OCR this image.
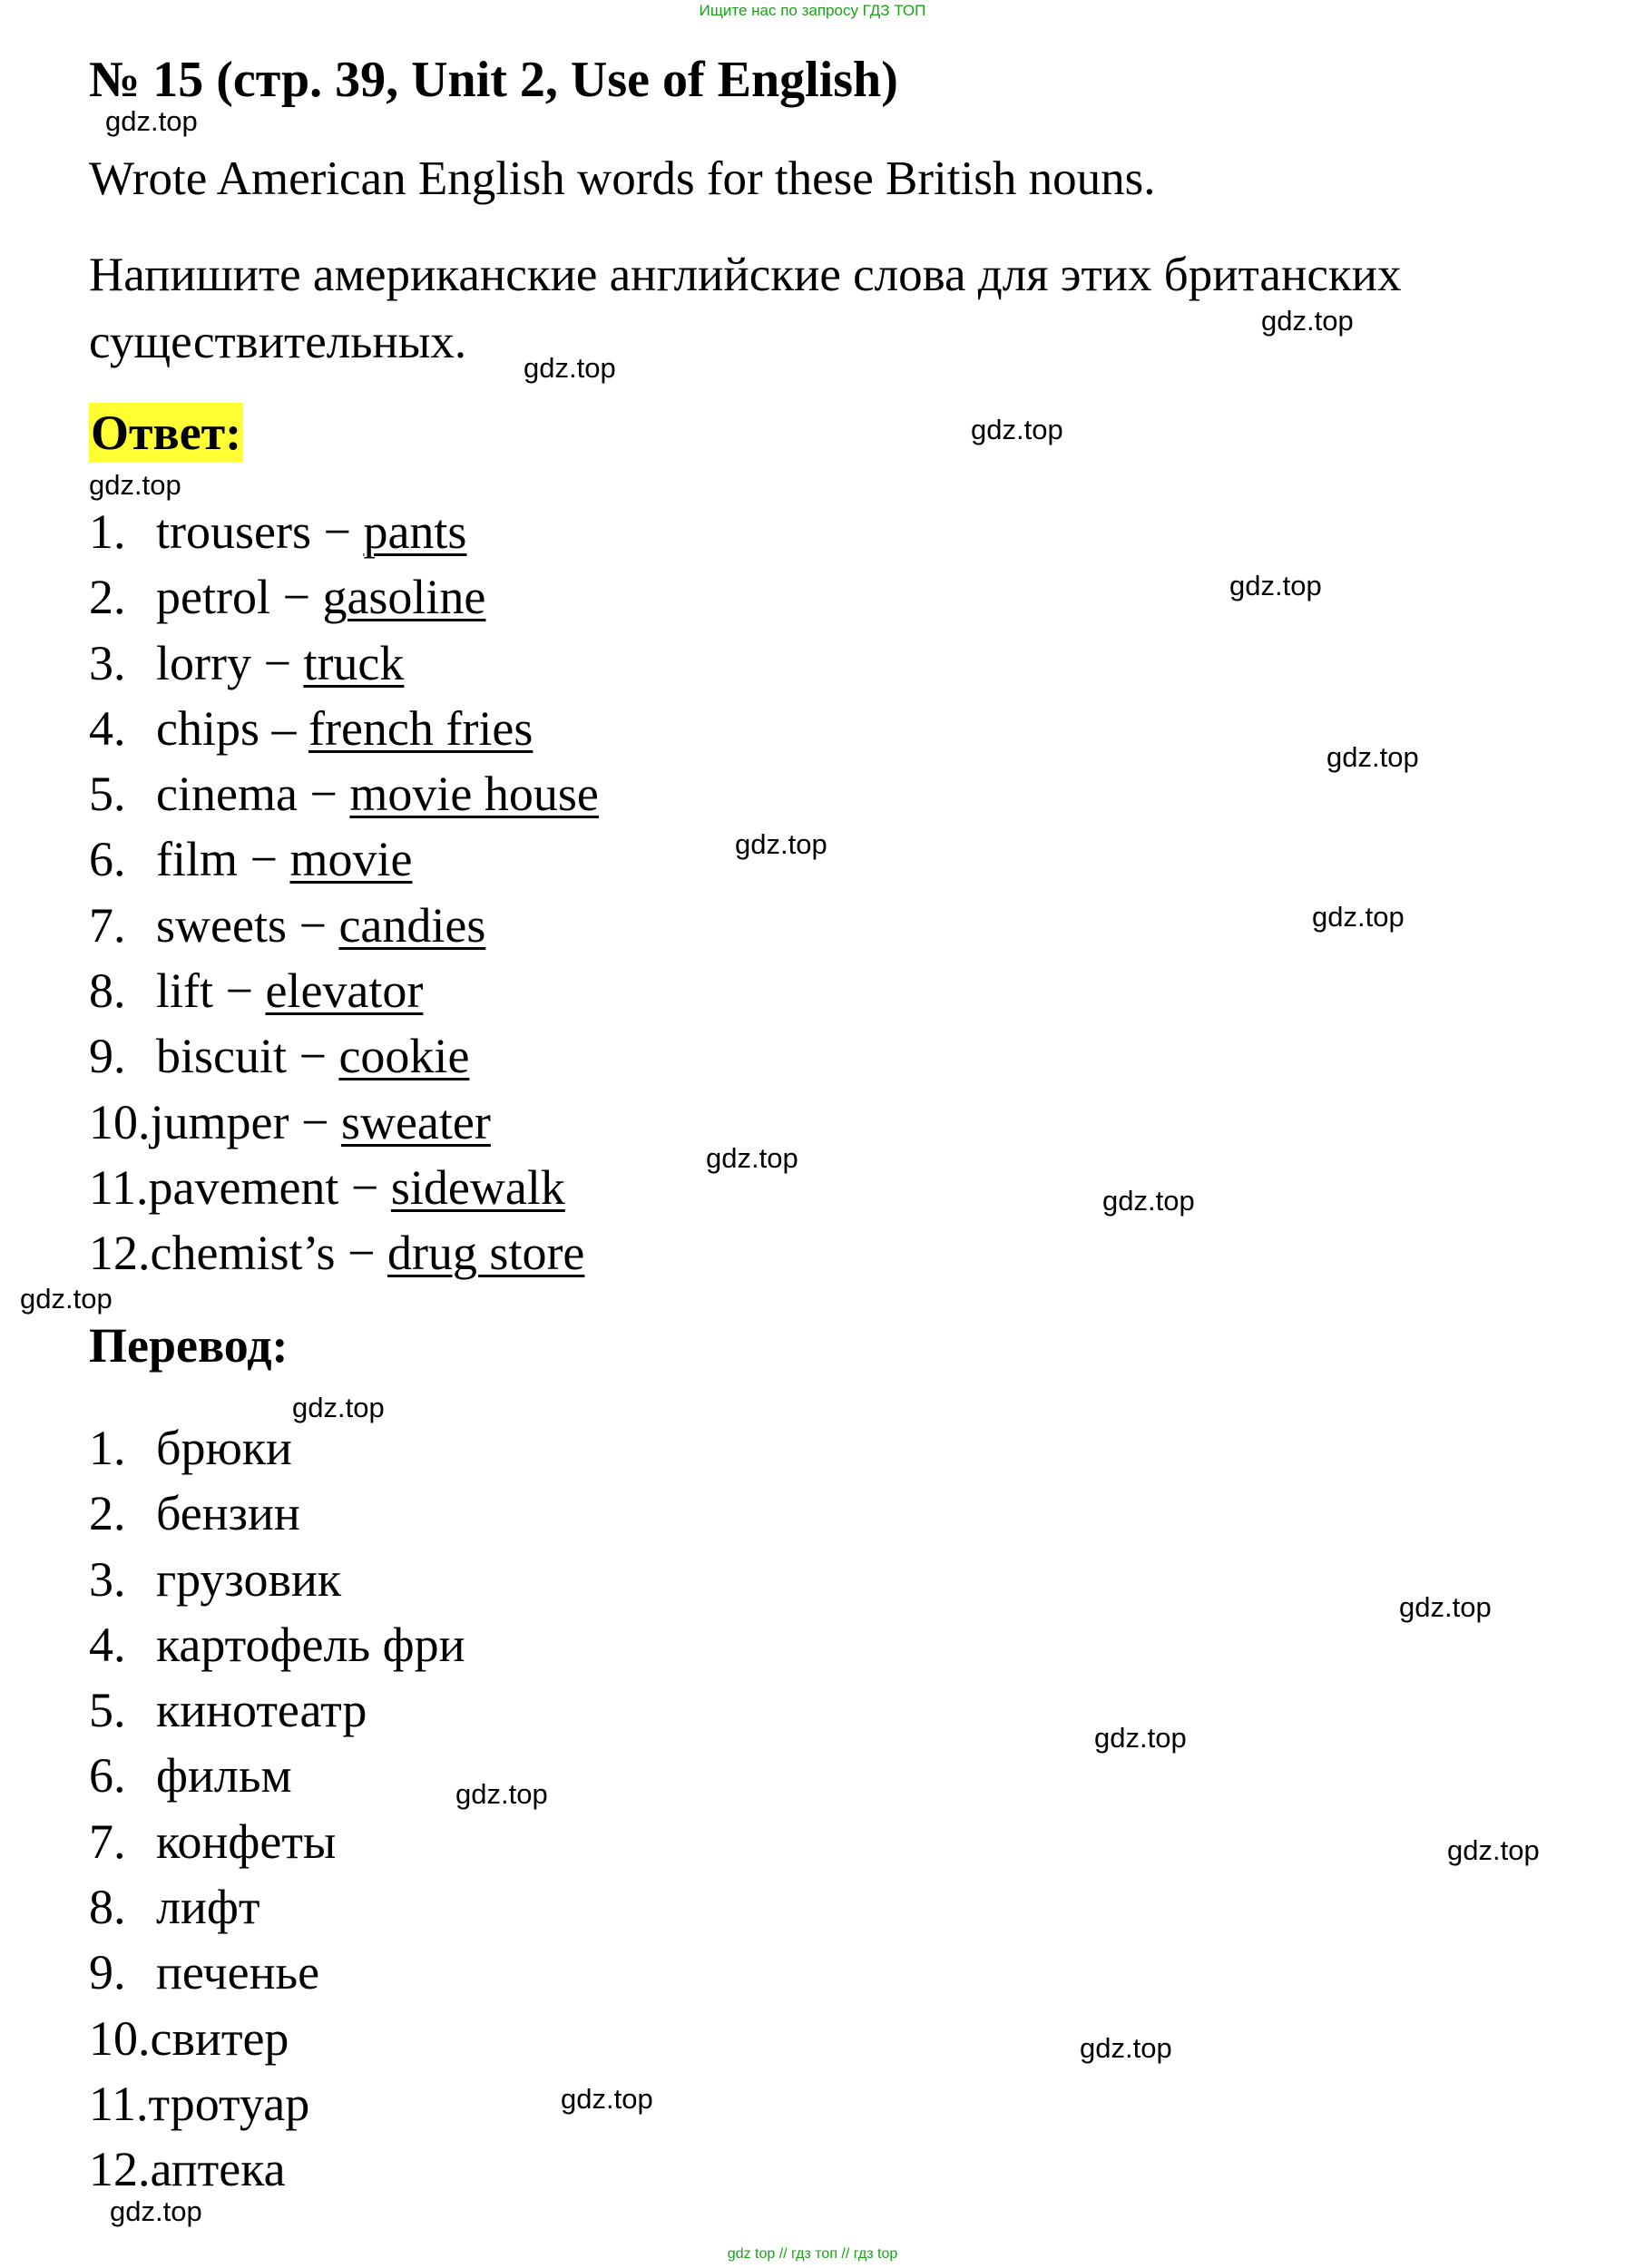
Ищите нас по запросу ГДЗ ТОП
№ 15 (стр. 39, Unit 2, Use of English)
Wrote American English words for these British nouns.
Напишите американские английские слова для этих британских существительных.
Ответ:
1. trousers − pants
2. petrol − gasoline
3. lorry − truck
4. chips – french fries
5. cinema − movie house
6. film − movie
7. sweets − candies
8. lift − elevator
9. biscuit − cookie
10.jumper − sweater
11.pavement − sidewalk
12.chemist’s − drug store
Перевод:
1. брюки
2. бензин
3. грузовик
4. картофель фри
5. кинотеатр
6. фильм
7. конфеты
8. лифт
9. печенье
10.свитер
11.тротуар
12.аптека
gdz.top
gdz.top
gdz.top
gdz.top
gdz.top
gdz.top
gdz.top
gdz.top
gdz.top
gdz.top
gdz.top
gdz.top
gdz.top
gdz.top
gdz.top
gdz.top
gdz.top
gdz.top
gdz.top
gdz.top
gdz top // гдз топ // гдз top
